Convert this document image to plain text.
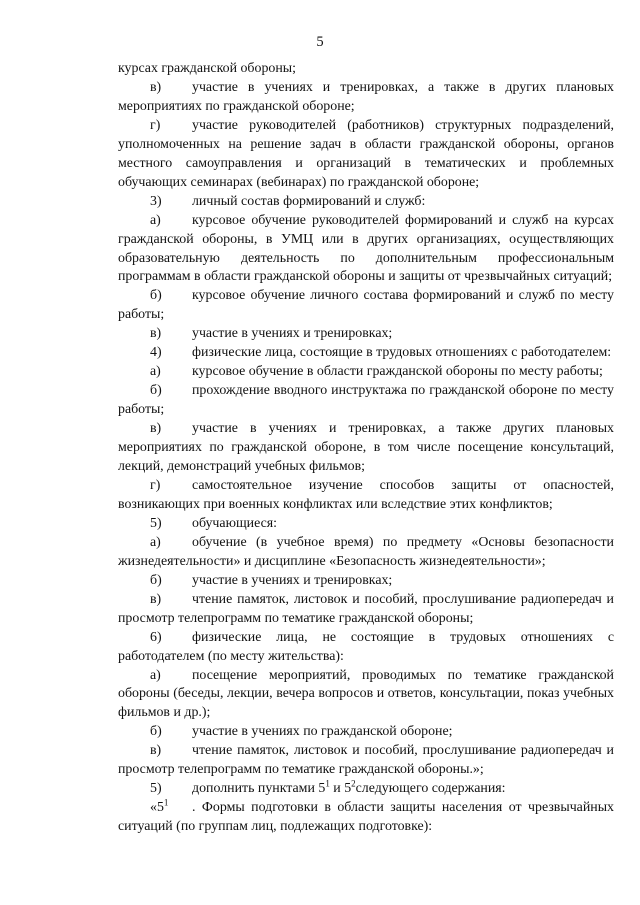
5

курсах гражданской обороны;

в) участие в учениях и тренировках, а также в других плановых мероприятиях по гражданской обороне;

г) участие руководителей (работников) структурных подразделений, уполномоченных на решение задач в области гражданской обороны, органов местного самоуправления и организаций в тематических и проблемных обучающих семинарах (вебинарах) по гражданской обороне;

3) личный состав формирований и служб:

а) курсовое обучение руководителей формирований и служб на курсах гражданской обороны, в УМЦ или в других организациях, осуществляющих образовательную деятельность по дополнительным профессиональным программам в области гражданской обороны и защиты от чрезвычайных ситуаций;

б) курсовое обучение личного состава формирований и служб по месту работы;

в) участие в учениях и тренировках;

4) физические лица, состоящие в трудовых отношениях с работодателем:

а) курсовое обучение в области гражданской обороны по месту работы;

б) прохождение вводного инструктажа по гражданской обороне по месту работы;

в) участие в учениях и тренировках, а также других плановых мероприятиях по гражданской обороне, в том числе посещение консультаций, лекций, демонстраций учебных фильмов;

г) самостоятельное изучение способов защиты от опасностей, возникающих при военных конфликтах или вследствие этих конфликтов;

5) обучающиеся:

а) обучение (в учебное время) по предмету «Основы безопасности жизнедеятельности» и дисциплине «Безопасность жизнедеятельности»;

б) участие в учениях и тренировках;

в) чтение памяток, листовок и пособий, прослушивание радиопередач и просмотр телепрограмм по тематике гражданской обороны;

6) физические лица, не состоящие в трудовых отношениях с работодателем (по месту жительства):

а) посещение мероприятий, проводимых по тематике гражданской обороны (беседы, лекции, вечера вопросов и ответов, консультации, показ учебных фильмов и др.);

б) участие в учениях по гражданской обороне;

в) чтение памяток, листовок и пособий, прослушивание радиопередач и просмотр телепрограмм по тематике гражданской обороны.»;

5) дополнить пунктами $5^1$ и $5^2следующего$ содержания:

«$5^1$ . Формы подготовки в области защиты населения от чрезвычайных ситуаций (по группам лиц, подлежащих подготовке):
